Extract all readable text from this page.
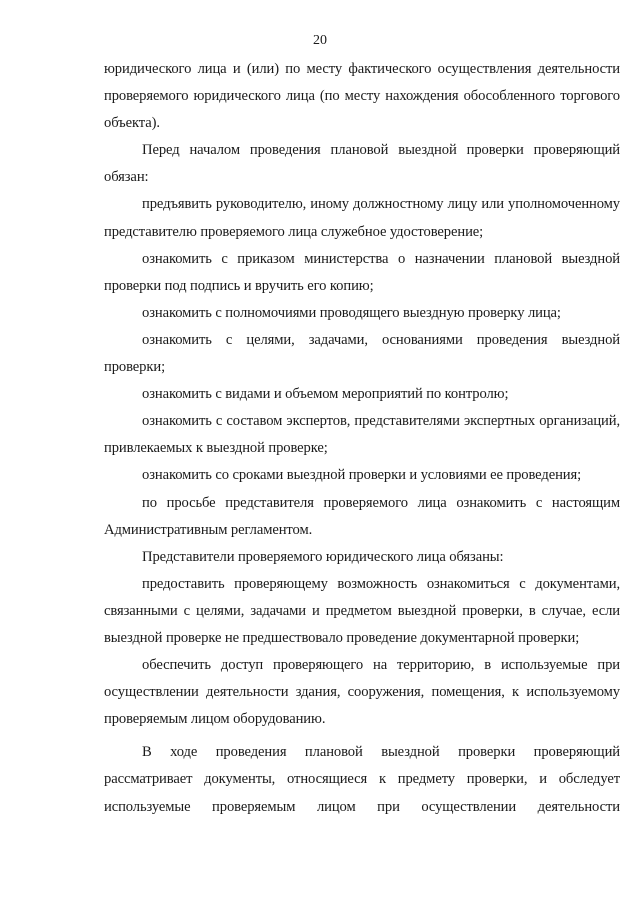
20

юридического лица и (или) по месту фактического осуществления деятельности проверяемого юридического лица (по месту нахождения обособленного торгового объекта).

Перед началом проведения плановой выездной проверки проверяющий обязан:

предъявить руководителю, иному должностному лицу или уполномоченному представителю проверяемого лица служебное удостоверение;

ознакомить с приказом министерства о назначении плановой выездной проверки под подпись и вручить его копию;

ознакомить с полномочиями проводящего выездную проверку лица;

ознакомить с целями, задачами, основаниями проведения выездной проверки;

ознакомить с видами и объемом мероприятий по контролю;

ознакомить с составом экспертов, представителями экспертных организаций, привлекаемых к выездной проверке;

ознакомить со сроками выездной проверки и условиями ее проведения;

по просьбе представителя проверяемого лица ознакомить с настоящим Административным регламентом.

Представители проверяемого юридического лица обязаны:

предоставить проверяющему возможность ознакомиться с документами, связанными с целями, задачами и предметом выездной проверки, в случае, если выездной проверке не предшествовало проведение документарной проверки;

обеспечить доступ проверяющего на территорию, в используемые при осуществлении деятельности здания, сооружения, помещения, к используемому проверяемым лицом оборудованию.

В ходе проведения плановой выездной проверки проверяющий рассматривает документы, относящиеся к предмету проверки, и обследует используемые проверяемым лицом при осуществлении деятельности
